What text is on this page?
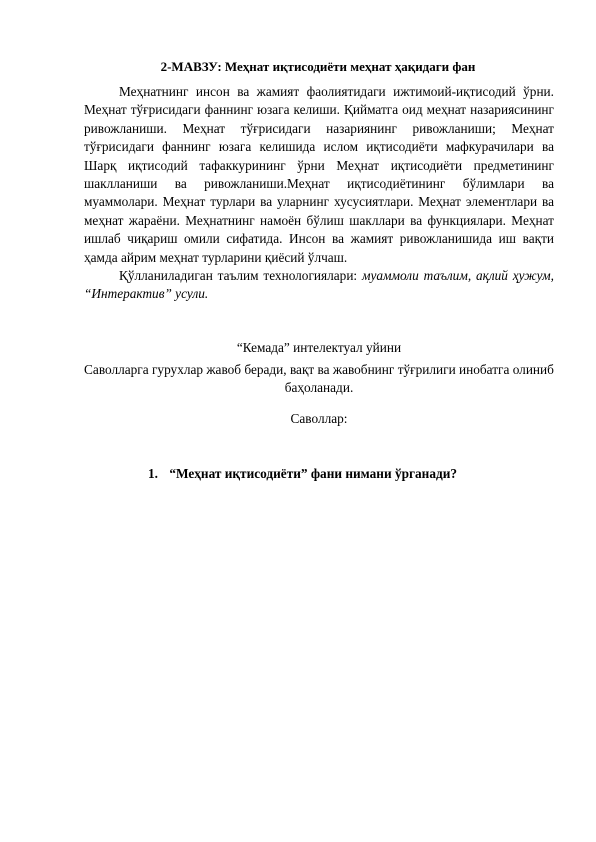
2-МАВЗУ: Меҳнат иқтисодиёти меҳнат ҳақидаги фан

Меҳнатнинг инсон ва жамият фаолиятидаги ижтимоий-иқтисодий ўрни. Меҳнат тўғрисидаги фаннинг юзага келиши. Қийматга оид меҳнат назариясининг ривожланиши. Меҳнат тўғрисидаги назариянинг ривожланиши; Меҳнат тўғрисидаги фаннинг юзага келишида ислом иқтисодиёти мафкурачилари ва Шарқ иқтисодий тафаккурининг ўрни Меҳнат иқтисодиёти предметининг шаклланиши ва ривожланиши.Меҳнат иқтисодиётининг бўлимлари ва муаммолари. Меҳнат турлари ва уларнинг хусусиятлари. Меҳнат элементлари ва меҳнат жараёни. Меҳнатнинг намоён бўлиш шакллари ва функциялари. Меҳнат ишлаб чиқариш омили сифатида. Инсон ва жамият ривожланишида иш вақти ҳамда айрим меҳнат турларини қиёсий ўлчаш.

Қўлланиладиган таълим технологиялари: муаммоли таълим, ақлий ҳужум, “Интерактив” усули.

“Кемада” интелектуал уйини
Саволларга гурухлар жавоб беради, вақт ва жавобнинг тўғрилиги инобатга олиниб баҳоланади.
Саволлар:
1. “Меҳнат иқтисодиёти” фани нимани ўрганади?
